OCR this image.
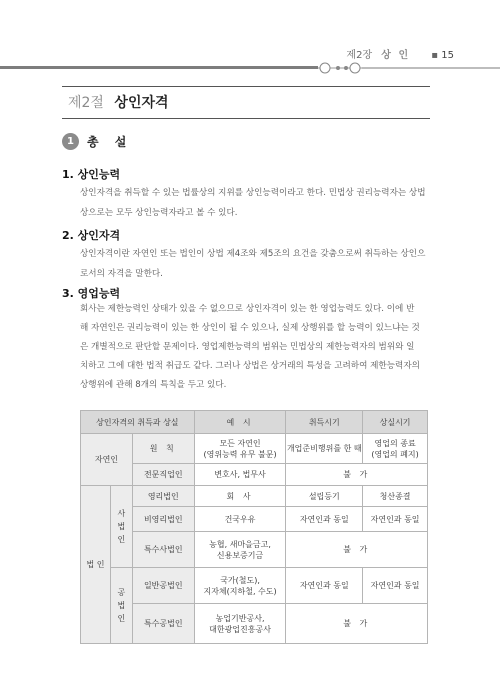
제2장 상 인 ▪ 15
제2절 상인자격
1	총 설
1. 상인능력

상인자격을 취득할 수 있는 법률상의 지위를 상인능력이라고 한다. 민법상 권리능력자는 상법
상으로는 모두 상인능력자라고 볼 수 있다.

2. 상인자격

상인자격이란 자연인 또는 법인이 상법 제4조와 제5조의 요건을 갖춤으로써 취득하는 상인으
로서의 자격을 말한다.

3. 영업능력

회사는 제한능력인 상태가 있을 수 없으므로 상인자격이 있는 한 영업능력도 있다. 이에 반
해 자연인은 권리능력이 있는 한 상인이 될 수 있으나, 실제 상행위를 할 능력이 있느냐는 것
은 개별적으로 판단할 문제이다. 영업제한능력의 범위는 민법상의 제한능력자의 범위와 일
치하고 그에 대한 법적 취급도 같다. 그러나 상법은 상거래의 특성을 고려하여 제한능력자의
상행위에 관해 8개의 특칙을 두고 있다.

상인자격의 취득과 상실			예 시	취득시기	상실시기
자연인		원 칙	모든 자연인
(영위능력 유무 불문)	개업준비행위를 한 때	영업의 종료
(영업의 폐지)
		전문직업인	변호사, 법무사	불 가	
법 인	사법인	영리법인	회 사	설립등기	청산종결
		비영리법인	건국우유	자연인과 동일	자연인과 동일
		특수사법인	농협, 새마을금고,
신용보증기금	불 가	

	공법인	일반공법인	국가(철도),
지자체(지하철, 수도)	자연인과 동일	자연인과 동일
		특수공법인	농업기반공사,
대한광업진흥공사	불 가	
